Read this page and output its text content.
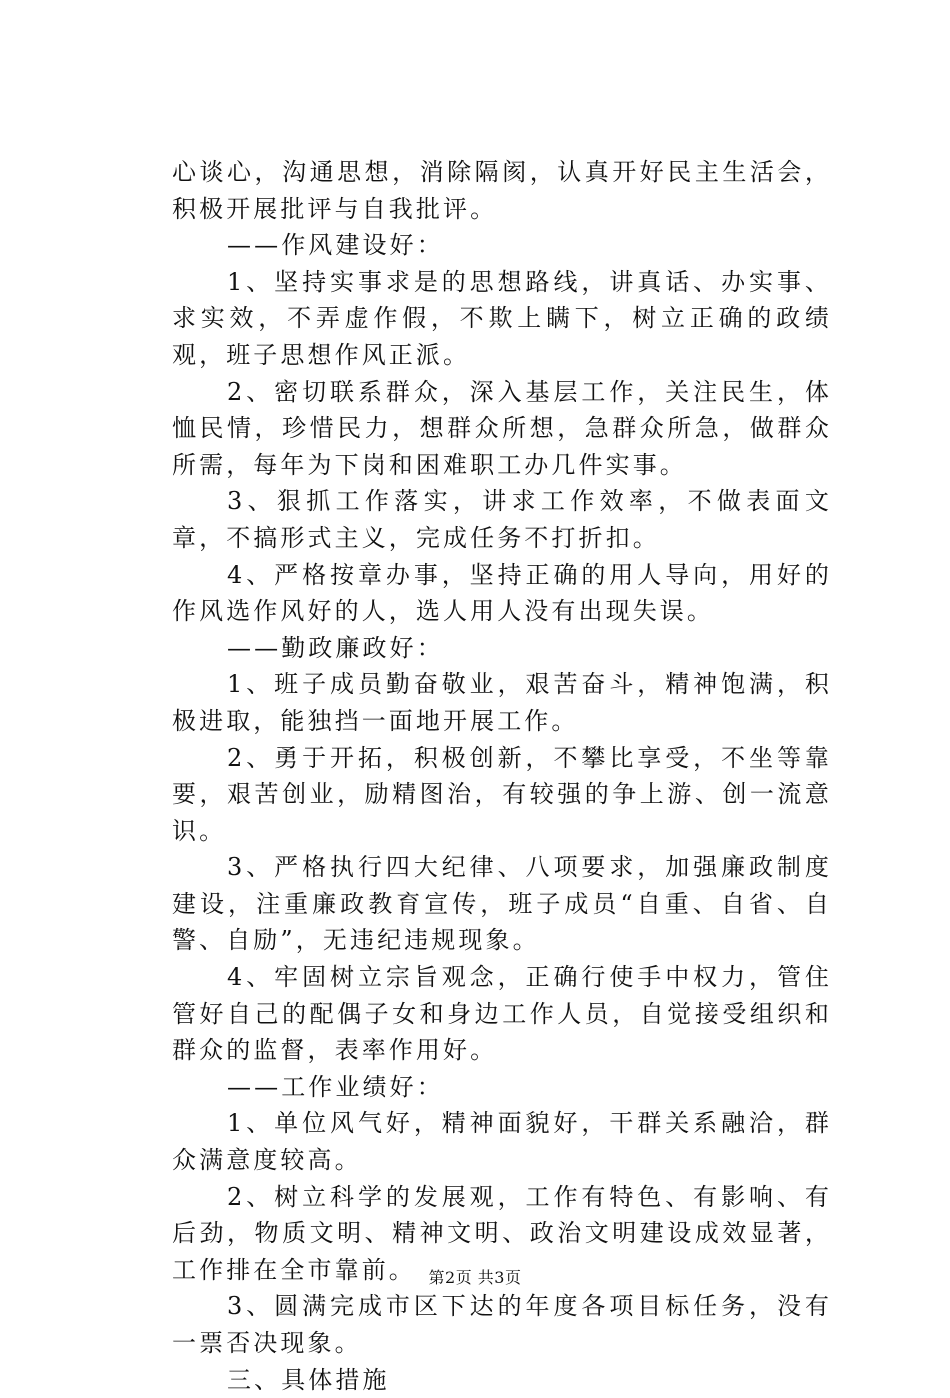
心谈心，沟通思想，消除隔阂，认真开好民主生活会，积极开展批评与自我批评。

——作风建设好：

1、坚持实事求是的思想路线，讲真话、办实事、求实效，不弄虚作假，不欺上瞒下，树立正确的政绩观，班子思想作风正派。

2、密切联系群众，深入基层工作，关注民生，体恤民情，珍惜民力，想群众所想，急群众所急，做群众所需，每年为下岗和困难职工办几件实事。

3、狠抓工作落实，讲求工作效率，不做表面文章，不搞形式主义，完成任务不打折扣。

4、严格按章办事，坚持正确的用人导向，用好的作风选作风好的人，选人用人没有出现失误。

——勤政廉政好：

1、班子成员勤奋敬业，艰苦奋斗，精神饱满，积极进取，能独挡一面地开展工作。

2、勇于开拓，积极创新，不攀比享受，不坐等靠要，艰苦创业，励精图治，有较强的争上游、创一流意识。

3、严格执行四大纪律、八项要求，加强廉政制度建设，注重廉政教育宣传，班子成员“自重、自省、自警、自励”，无违纪违规现象。

4、牢固树立宗旨观念，正确行使手中权力，管住管好自己的配偶子女和身边工作人员，自觉接受组织和群众的监督，表率作用好。

——工作业绩好：

1、单位风气好，精神面貌好，干群关系融洽，群众满意度较高。

2、树立科学的发展观，工作有特色、有影响、有后劲，物质文明、精神文明、政治文明建设成效显著，工作排在全市靠前。

3、圆满完成市区下达的年度各项目标任务，没有一票否决现象。

三、具体措施

第2页 共3页
